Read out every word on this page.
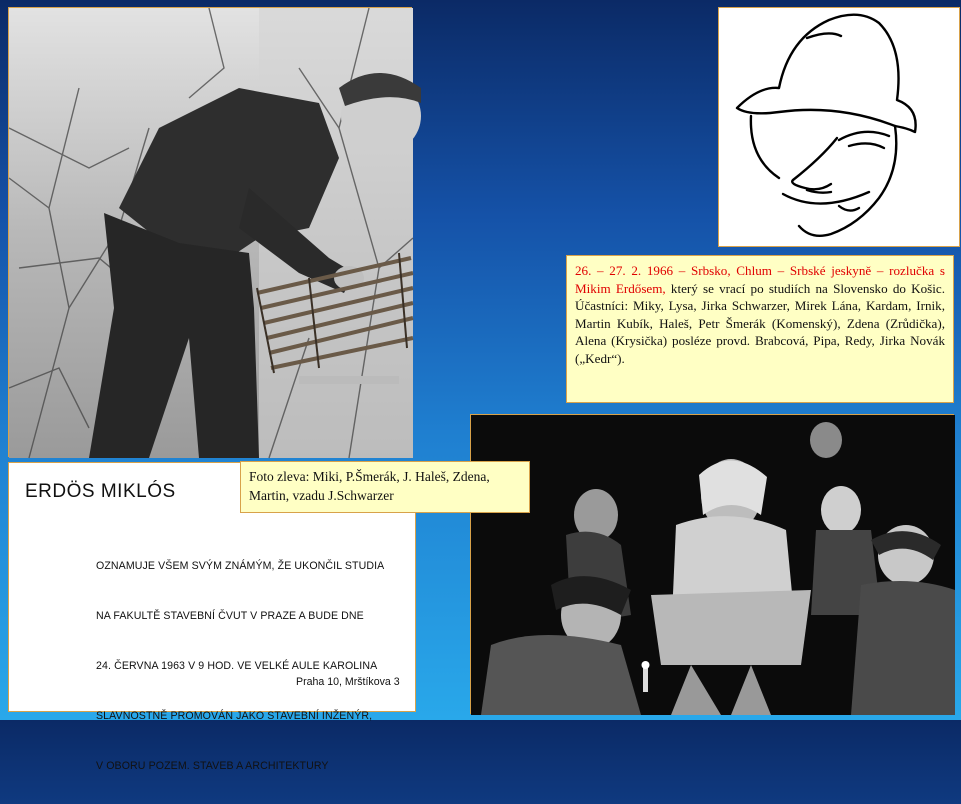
26. – 27. 2. 1966 – Srbsko, Chlum – Srbské jeskyně – rozlučka s Mikim Erdősem, který se vrací po studiích na Slovensko do Košic. Účastníci: Miky, Lysa, Jirka Schwarzer, Mirek Lána, Kardam, Irnik, Martin Kubík, Haleš, Petr Šmerák (Komenský), Zdena (Zrůdička), Alena (Krysička) posléze provd. Brabcová, Pipa, Redy, Jirka Novák („Kedr“).
ERDÖS MIKLÓS

OZNAMUJE VŠEM SVÝM ZNÁMÝM, ŽE UKONČIL STUDIA

NA FAKULTĚ STAVEBNÍ ČVUT V PRAZE A BUDE DNE

24. ČERVNA 1963 V 9 HOD. VE VELKÉ AULE KAROLINA

SLAVNOSTNĚ PROMOVÁN JAKO STAVEBNÍ INŽENÝR,

V OBORU POZEM. STAVEB A ARCHITEKTURY

Praha 10, Mrštíkova 3
Foto zleva: Miki, P.Šmerák, J. Haleš, Zdena, Martin, vzadu J.Schwarzer
